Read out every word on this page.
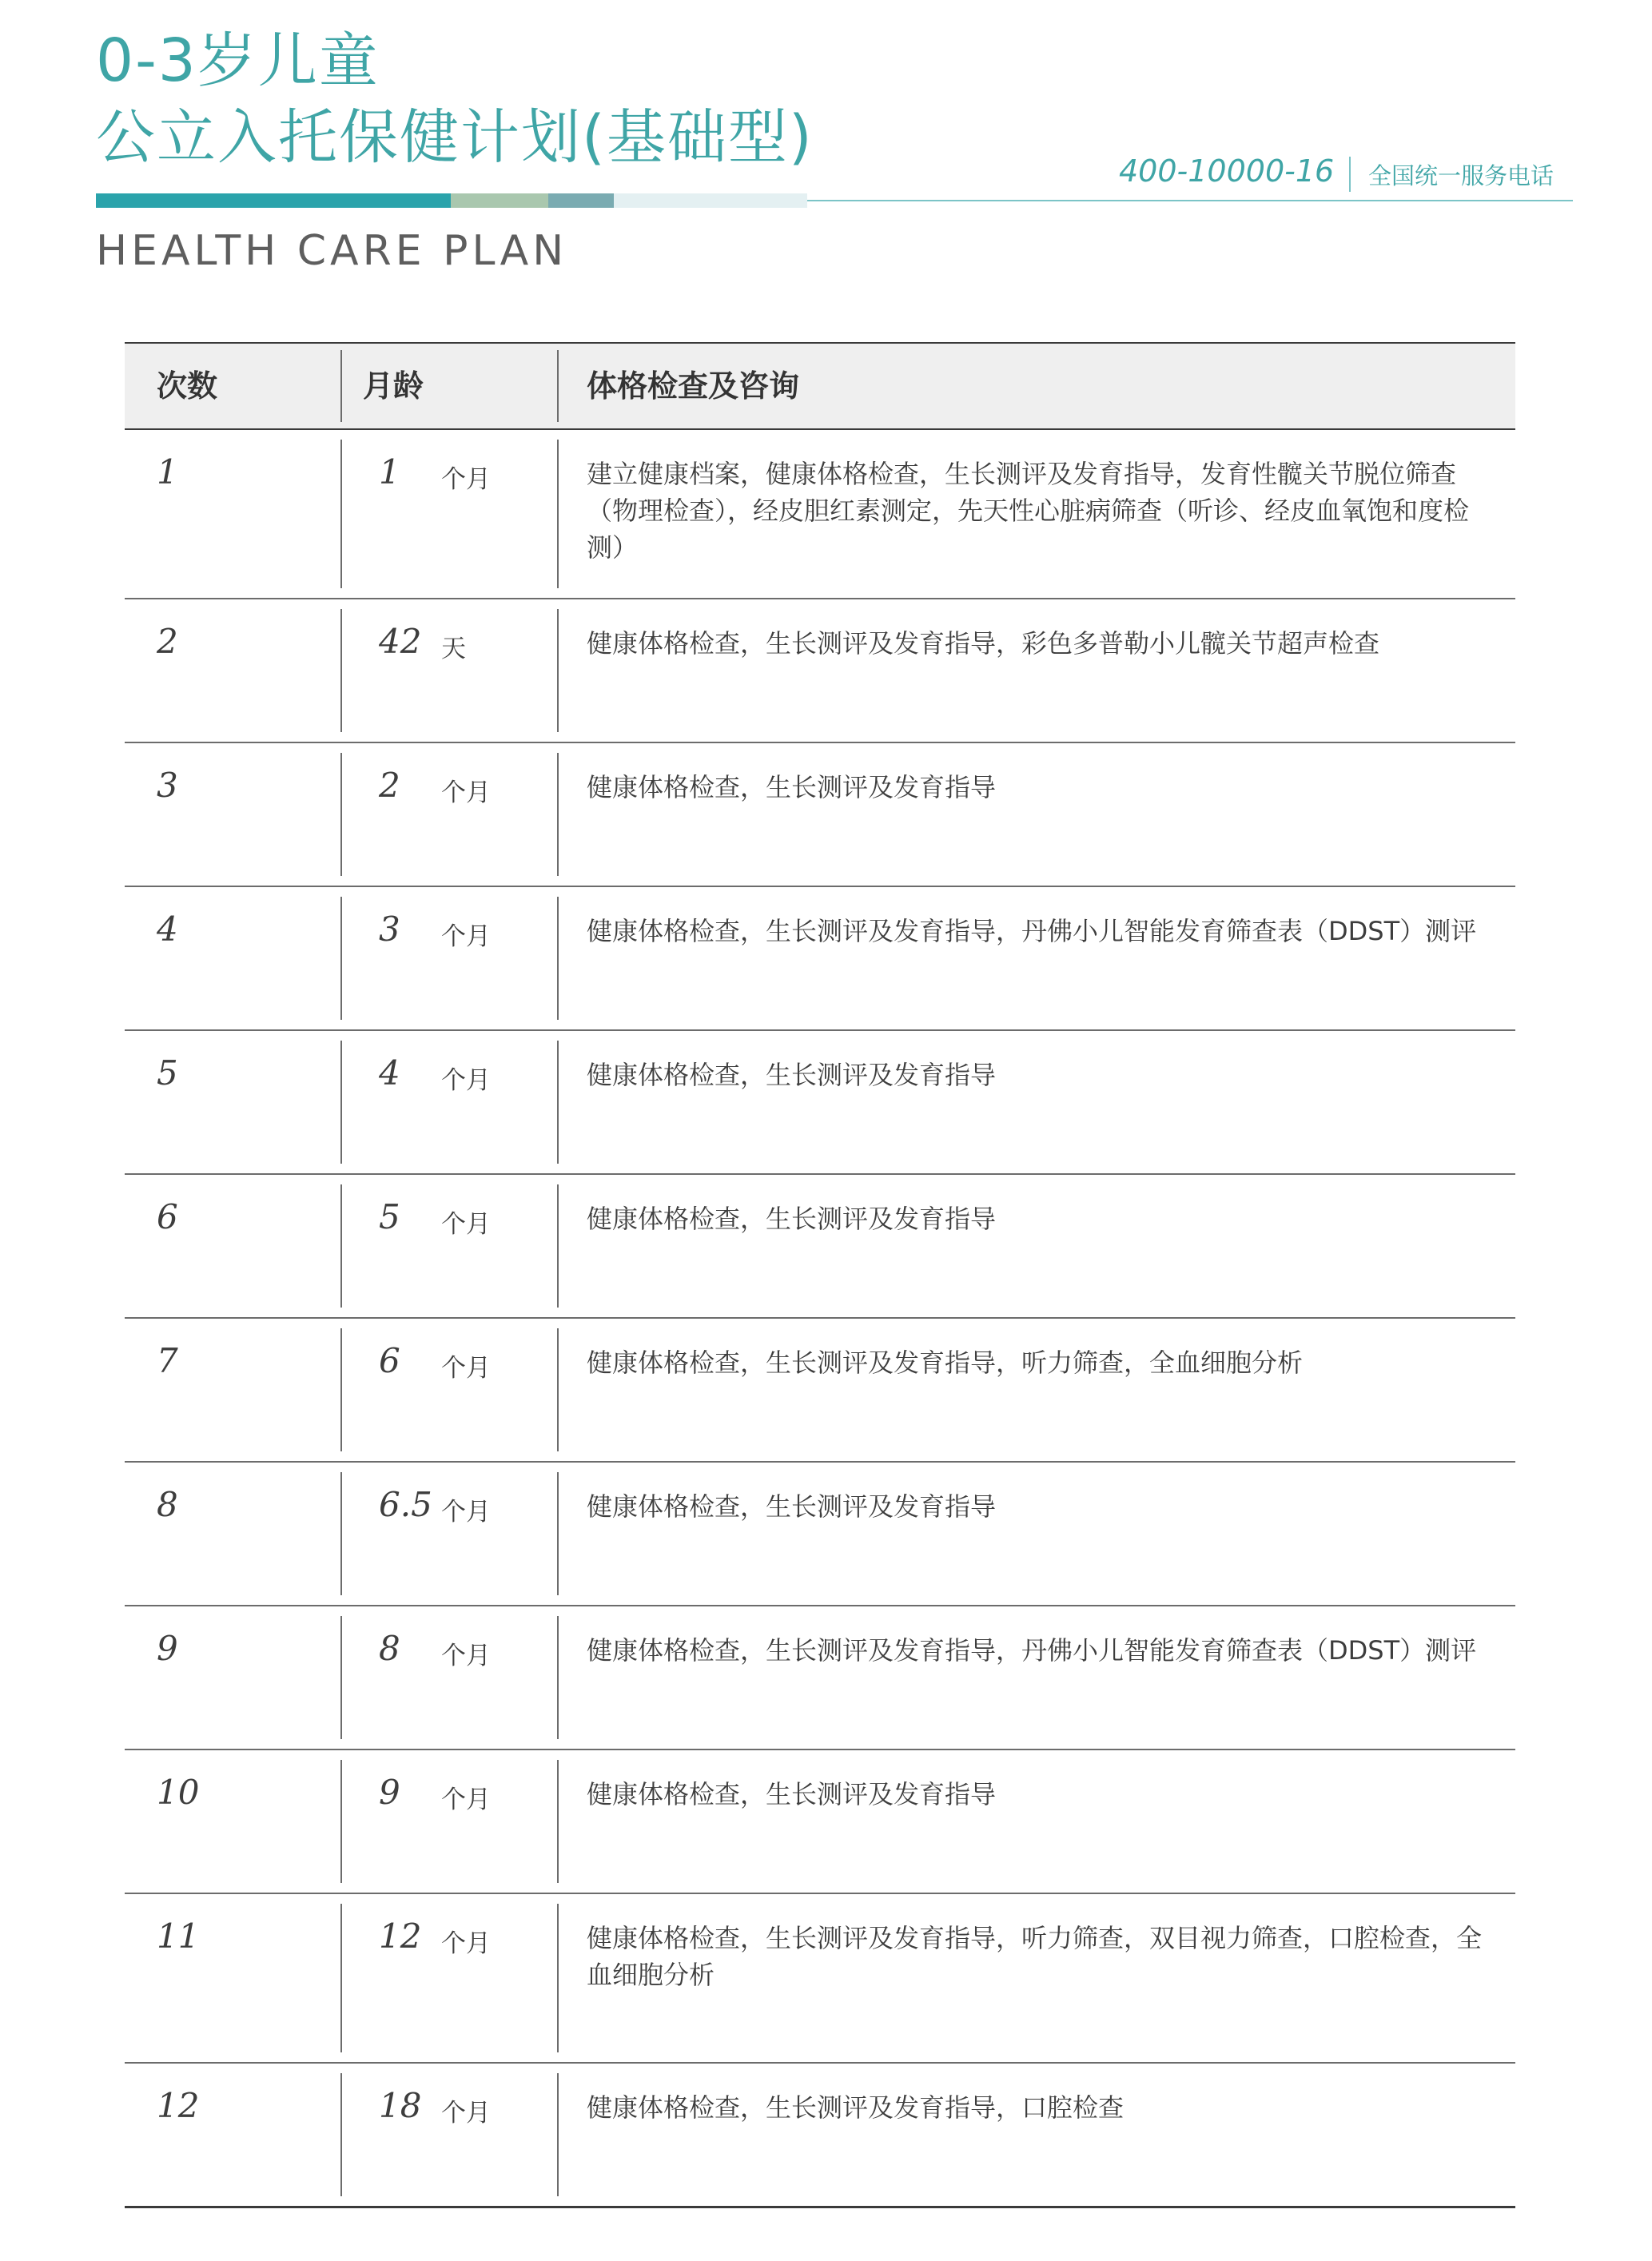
0-3岁儿童
公立入托保健计划(基础型)	400-10000-16 全国统一服务电话
HEALTH CARE PLAN
次数	月龄	体格检查及咨询
1	1 个月	建立健康档案，健康体格检查，生长测评及发育指导，发育性髋关节脱位筛查（物理检查），经皮胆红素测定，先天性心脏病筛查（听诊、经皮血氧饱和度检测）
2	42 天	健康体格检查，生长测评及发育指导，彩色多普勒小儿髋关节超声检查
3	2 个月	健康体格检查，生长测评及发育指导
4	3 个月	健康体格检查，生长测评及发育指导，丹佛小儿智能发育筛查表（DDST）测评
5	4 个月	健康体格检查，生长测评及发育指导
6	5 个月	健康体格检查，生长测评及发育指导
7	6 个月	健康体格检查，生长测评及发育指导，听力筛查，全血细胞分析
8	6.5 个月	健康体格检查，生长测评及发育指导
9	8 个月	健康体格检查，生长测评及发育指导，丹佛小儿智能发育筛查表（DDST）测评
10	9 个月	健康体格检查，生长测评及发育指导
11	12 个月	健康体格检查，生长测评及发育指导，听力筛查，双目视力筛查，口腔检查，全血细胞分析
12	18 个月	健康体格检查，生长测评及发育指导，口腔检查
